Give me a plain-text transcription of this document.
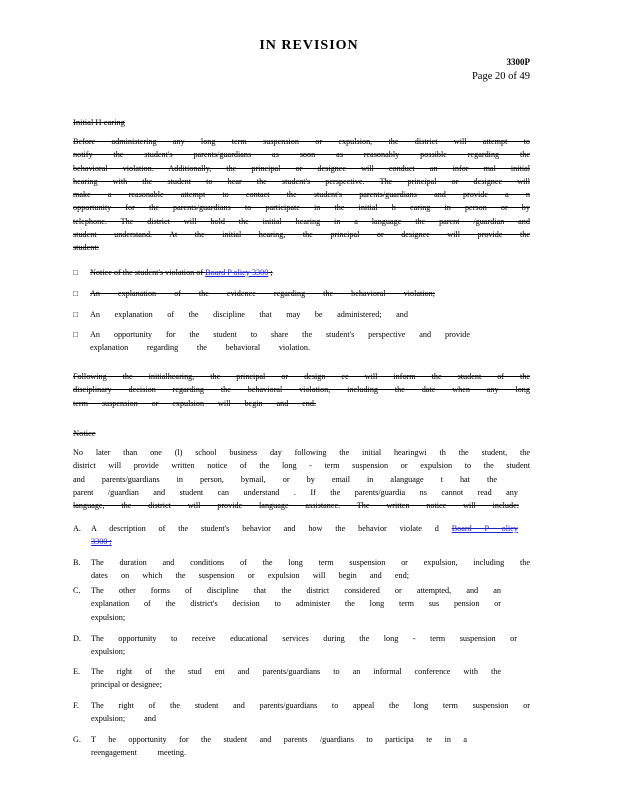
IN REVISION
3300P
Page 20 of 49
Initial H earing
Before administering any long term suspension or expulsion, the district will attempt to
notify the student's parents/guardians as soon as reasonably possible regarding the
behavioral violation. Additionally, the principal or designee will conduct an infor mal initial
hearing with the student to hear the student's perspective. The principal or designee will
make a reasonable attempt to contact the student's parents/guardians and provide a n
opportunity for the parents/guardians to participate in the initial h earing in person or by
telephone. The district will hold the initial hearing in a language the parent /guardian and
student understand. At the initial hearing, the principal or designee will provide the
student:
□ Notice of the student's violation of Board P olicy 3300 ;
□ An explanation of the evidence regarding the behavioral violation;
□ An explanation of the discipline that may be administered; and
□ An opportunity for the student to share the student's perspective and provide
explanation regarding the behavioral violation.
Following the initialhearing, the principal or design ee will inform the student of the
disciplinary decision regarding the behavioral violation, including the date when any long
term suspension or expulsion will begin and end.
Notice
No later than one (l) school business day following the initial hearingwi th the student, the
district will provide written notice of the long - term suspension or expulsion to the student
and parents/guardians in person, bymail, or by email in alanguage t hat the
parent /guardian and student can understand . If the parents/guardia ns cannot read any
language, the district will provide language assistance. The written notice will include:
A. A description of the student's behavior and how the behavior violate d Board P olicy
3300 ;
B. The duration and conditions of the long term suspension or expulsion, including the
dates on which the suspension or expulsion will begin and end;
C. The other forms of discipline that the district considered or attempted, and an
explanation of the district's decision to administer the long term sus pension or
expulsion;
D. The opportunity to receive educational services during the long - term suspension or
expulsion;
E. The right of the stud ent and parents/guardians to an informal conference with the
principal or designee;
F. The right of the student and parents/guardians to appeal the long term suspension or
expulsion; and
G. T he opportunity for the student and parents /guardians to participa te in a
reengagement meeting.
